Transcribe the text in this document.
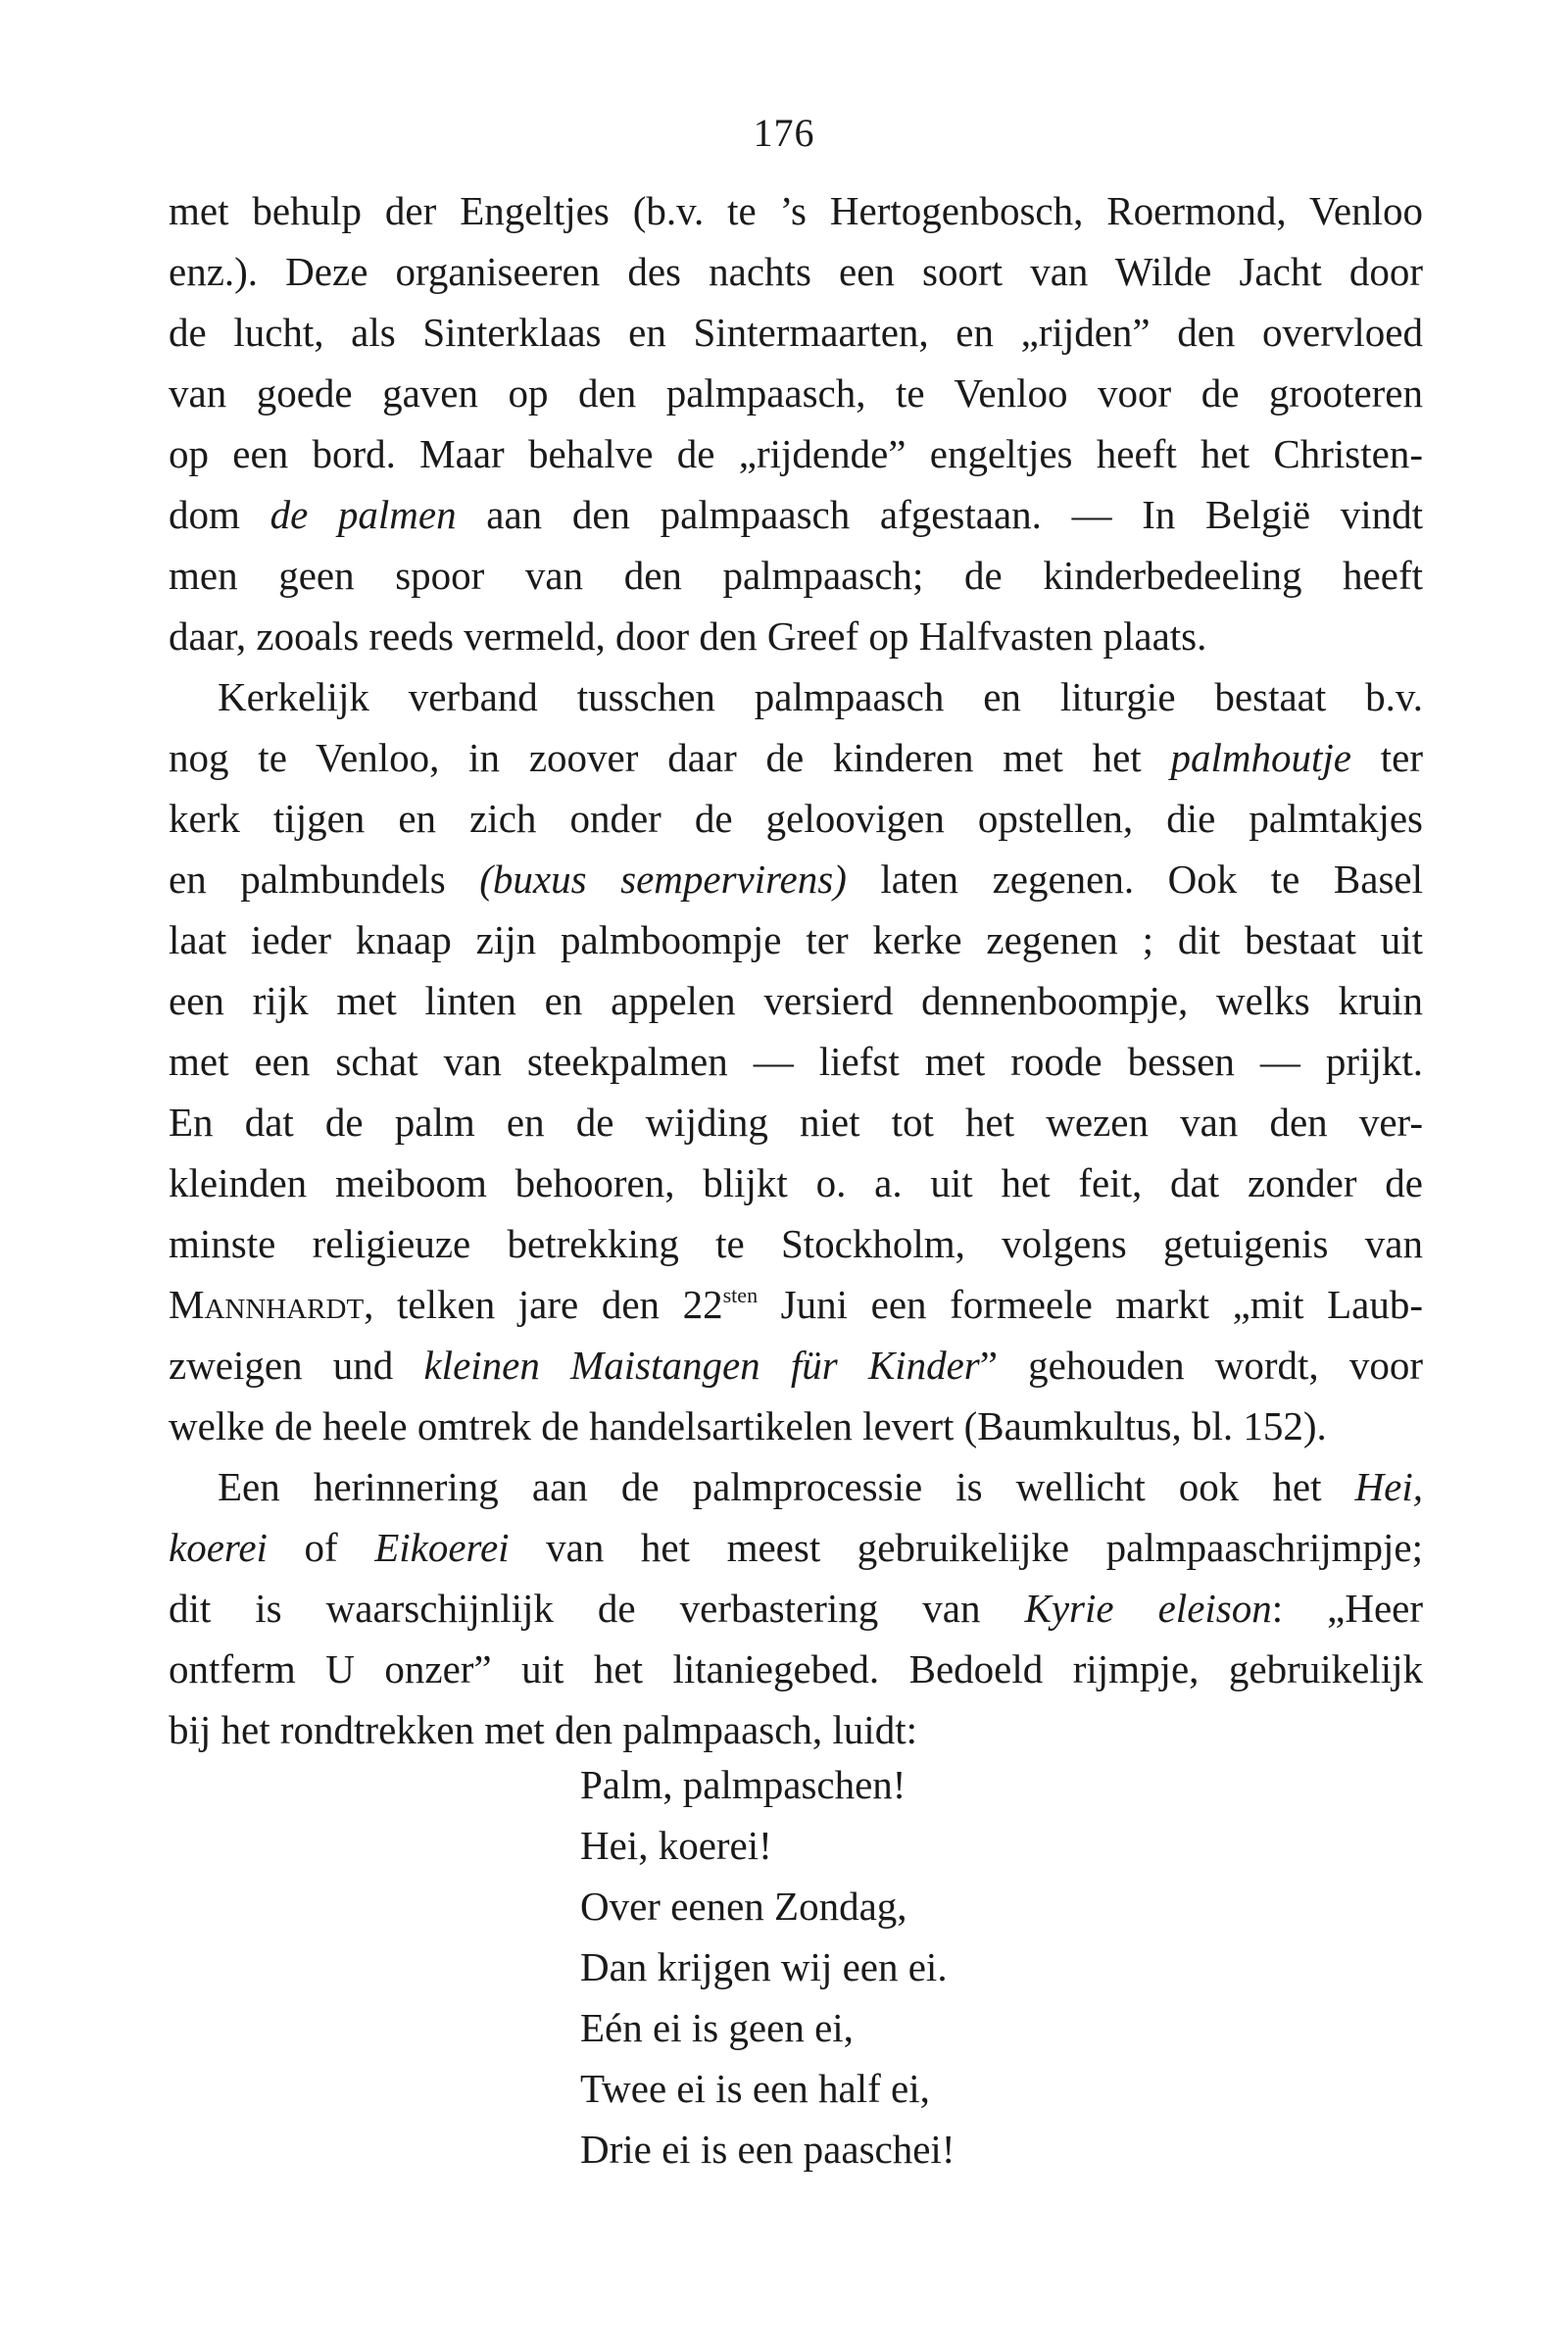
176
met behulp der Engeltjes (b.v. te ’s Hertogenbosch, Roermond, Venloo
enz.). Deze organiseeren des nachts een soort van Wilde Jacht door
de lucht, als Sinterklaas en Sintermaarten, en „rijden” den overvloed
van goede gaven op den palmpaasch, te Venloo voor de grooteren
op een bord. Maar behalve de „rijdende” engeltjes heeft het Christen-
dom de palmen aan den palmpaasch afgestaan. — In België vindt
men geen spoor van den palmpaasch; de kinderbedeeling heeft
daar, zooals reeds vermeld, door den Greef op Halfvasten plaats.
Kerkelijk verband tusschen palmpaasch en liturgie bestaat b.v.
nog te Venloo, in zoover daar de kinderen met het palmhoutje ter
kerk tijgen en zich onder de geloovigen opstellen, die palmtakjes
en palmbundels (buxus sempervirens) laten zegenen. Ook te Basel
laat ieder knaap zijn palmboompje ter kerke zegenen ; dit bestaat uit
een rijk met linten en appelen versierd dennenboompje, welks kruin
met een schat van steekpalmen — liefst met roode bessen — prijkt.
En dat de palm en de wijding niet tot het wezen van den ver-
kleinden meiboom behooren, blijkt o. a. uit het feit, dat zonder de
minste religieuze betrekking te Stockholm, volgens getuigenis van
Mannhardt, telken jare den $22^{sten}$ Juni een formeele markt „mit Laub-
zweigen und kleinen Maistangen für Kinder” gehouden wordt, voor
welke de heele omtrek de handelsartikelen levert (Baumkultus, bl. 152).
Een herinnering aan de palmprocessie is wellicht ook het Hei,
koerei of Eikoerei van het meest gebruikelijke palmpaaschrijmpje;
dit is waarschijnlijk de verbastering van Kyrie eleison: „Heer
ontferm U onzer” uit het litaniegebed. Bedoeld rijmpje, gebruikelijk
bij het rondtrekken met den palmpaasch, luidt:
Palm, palmpaschen!
Hei, koerei!
Over eenen Zondag,
Dan krijgen wij een ei.
Eén ei is geen ei,
Twee ei is een half ei,
Drie ei is een paaschei!
